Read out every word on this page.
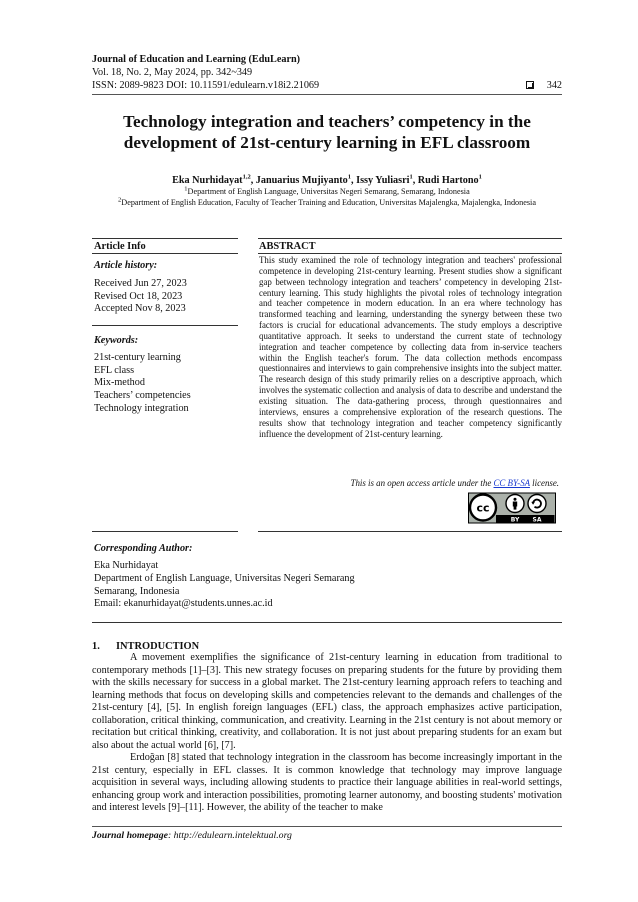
Journal of Education and Learning (EduLearn)
Vol. 18, No. 2, May 2024, pp. 342~349
ISSN: 2089-9823 DOI: 10.11591/edulearn.v18i2.21069	342
Technology integration and teachers’ competency in the
development of 21st-century learning in EFL classroom
Eka Nurhidayat$^{1,2}$, Januarius Mujiyanto$^1$, Issy Yuliasri$^1$, Rudi Hartono$^1$
$^1$Department of English Language, Universitas Negeri Semarang, Semarang, Indonesia
$^2$Department of English Education, Faculty of Teacher Training and Education, Universitas Majalengka, Majalengka, Indonesia
Article Info	ABSTRACT
Article history:
Received Jun 27, 2023
Revised Oct 18, 2023
Accepted Nov 8, 2023
Keywords:
21st-century learning
EFL class
Mix-method
Teachers’ competencies
Technology integration
This study examined the role of technology integration and teachers' professional competence in developing 21st-century learning. Present studies show a significant gap between technology integration and teachers’ competency in developing 21st-century learning. This study highlights the pivotal roles of technology integration and teacher competence in modern education. In an era where technology has transformed teaching and learning, understanding the synergy between these two factors is crucial for educational advancements. The study employs a descriptive quantitative approach. It seeks to understand the current state of technology integration and teacher competence by collecting data from in-service teachers within the English teacher's forum. The data collection methods encompass questionnaires and interviews to gain comprehensive insights into the subject matter. The research design of this study primarily relies on a descriptive approach, which involves the systematic collection and analysis of data to describe and understand the existing situation. The data-gathering process, through questionnaires and interviews, ensures a comprehensive exploration of the research questions. The results show that technology integration and teacher competency significantly influence the development of 21st-century learning.
This is an open access article under the CC BY-SA license.
cc
BY SA
Corresponding Author:
Eka Nurhidayat
Department of English Language, Universitas Negeri Semarang
Semarang, Indonesia
Email: ekanurhidayat@students.unnes.ac.id
1. INTRODUCTION
A movement exemplifies the significance of 21st-century learning in education from traditional to contemporary methods [1]–[3]. This new strategy focuses on preparing students for the future by providing them with the skills necessary for success in a global market. The 21st-century learning approach refers to teaching and learning methods that focus on developing skills and competencies relevant to the demands and challenges of the 21st-century [4], [5]. In english foreign languages (EFL) class, the approach emphasizes active participation, collaboration, critical thinking, communication, and creativity. Learning in the 21st century is not about memory or recitation but critical thinking, creativity, and collaboration. It is not just about preparing students for an exam but also about the actual world [6], [7].
Erdoğan [8] stated that technology integration in the classroom has become increasingly important in the 21st century, especially in EFL classes. It is common knowledge that technology may improve language acquisition in several ways, including allowing students to practice their language abilities in real-world settings, enhancing group work and interaction possibilities, promoting learner autonomy, and boosting students' motivation and interest levels [9]–[11]. However, the ability of the teacher to make
Journal homepage: http://edulearn.intelektual.org
